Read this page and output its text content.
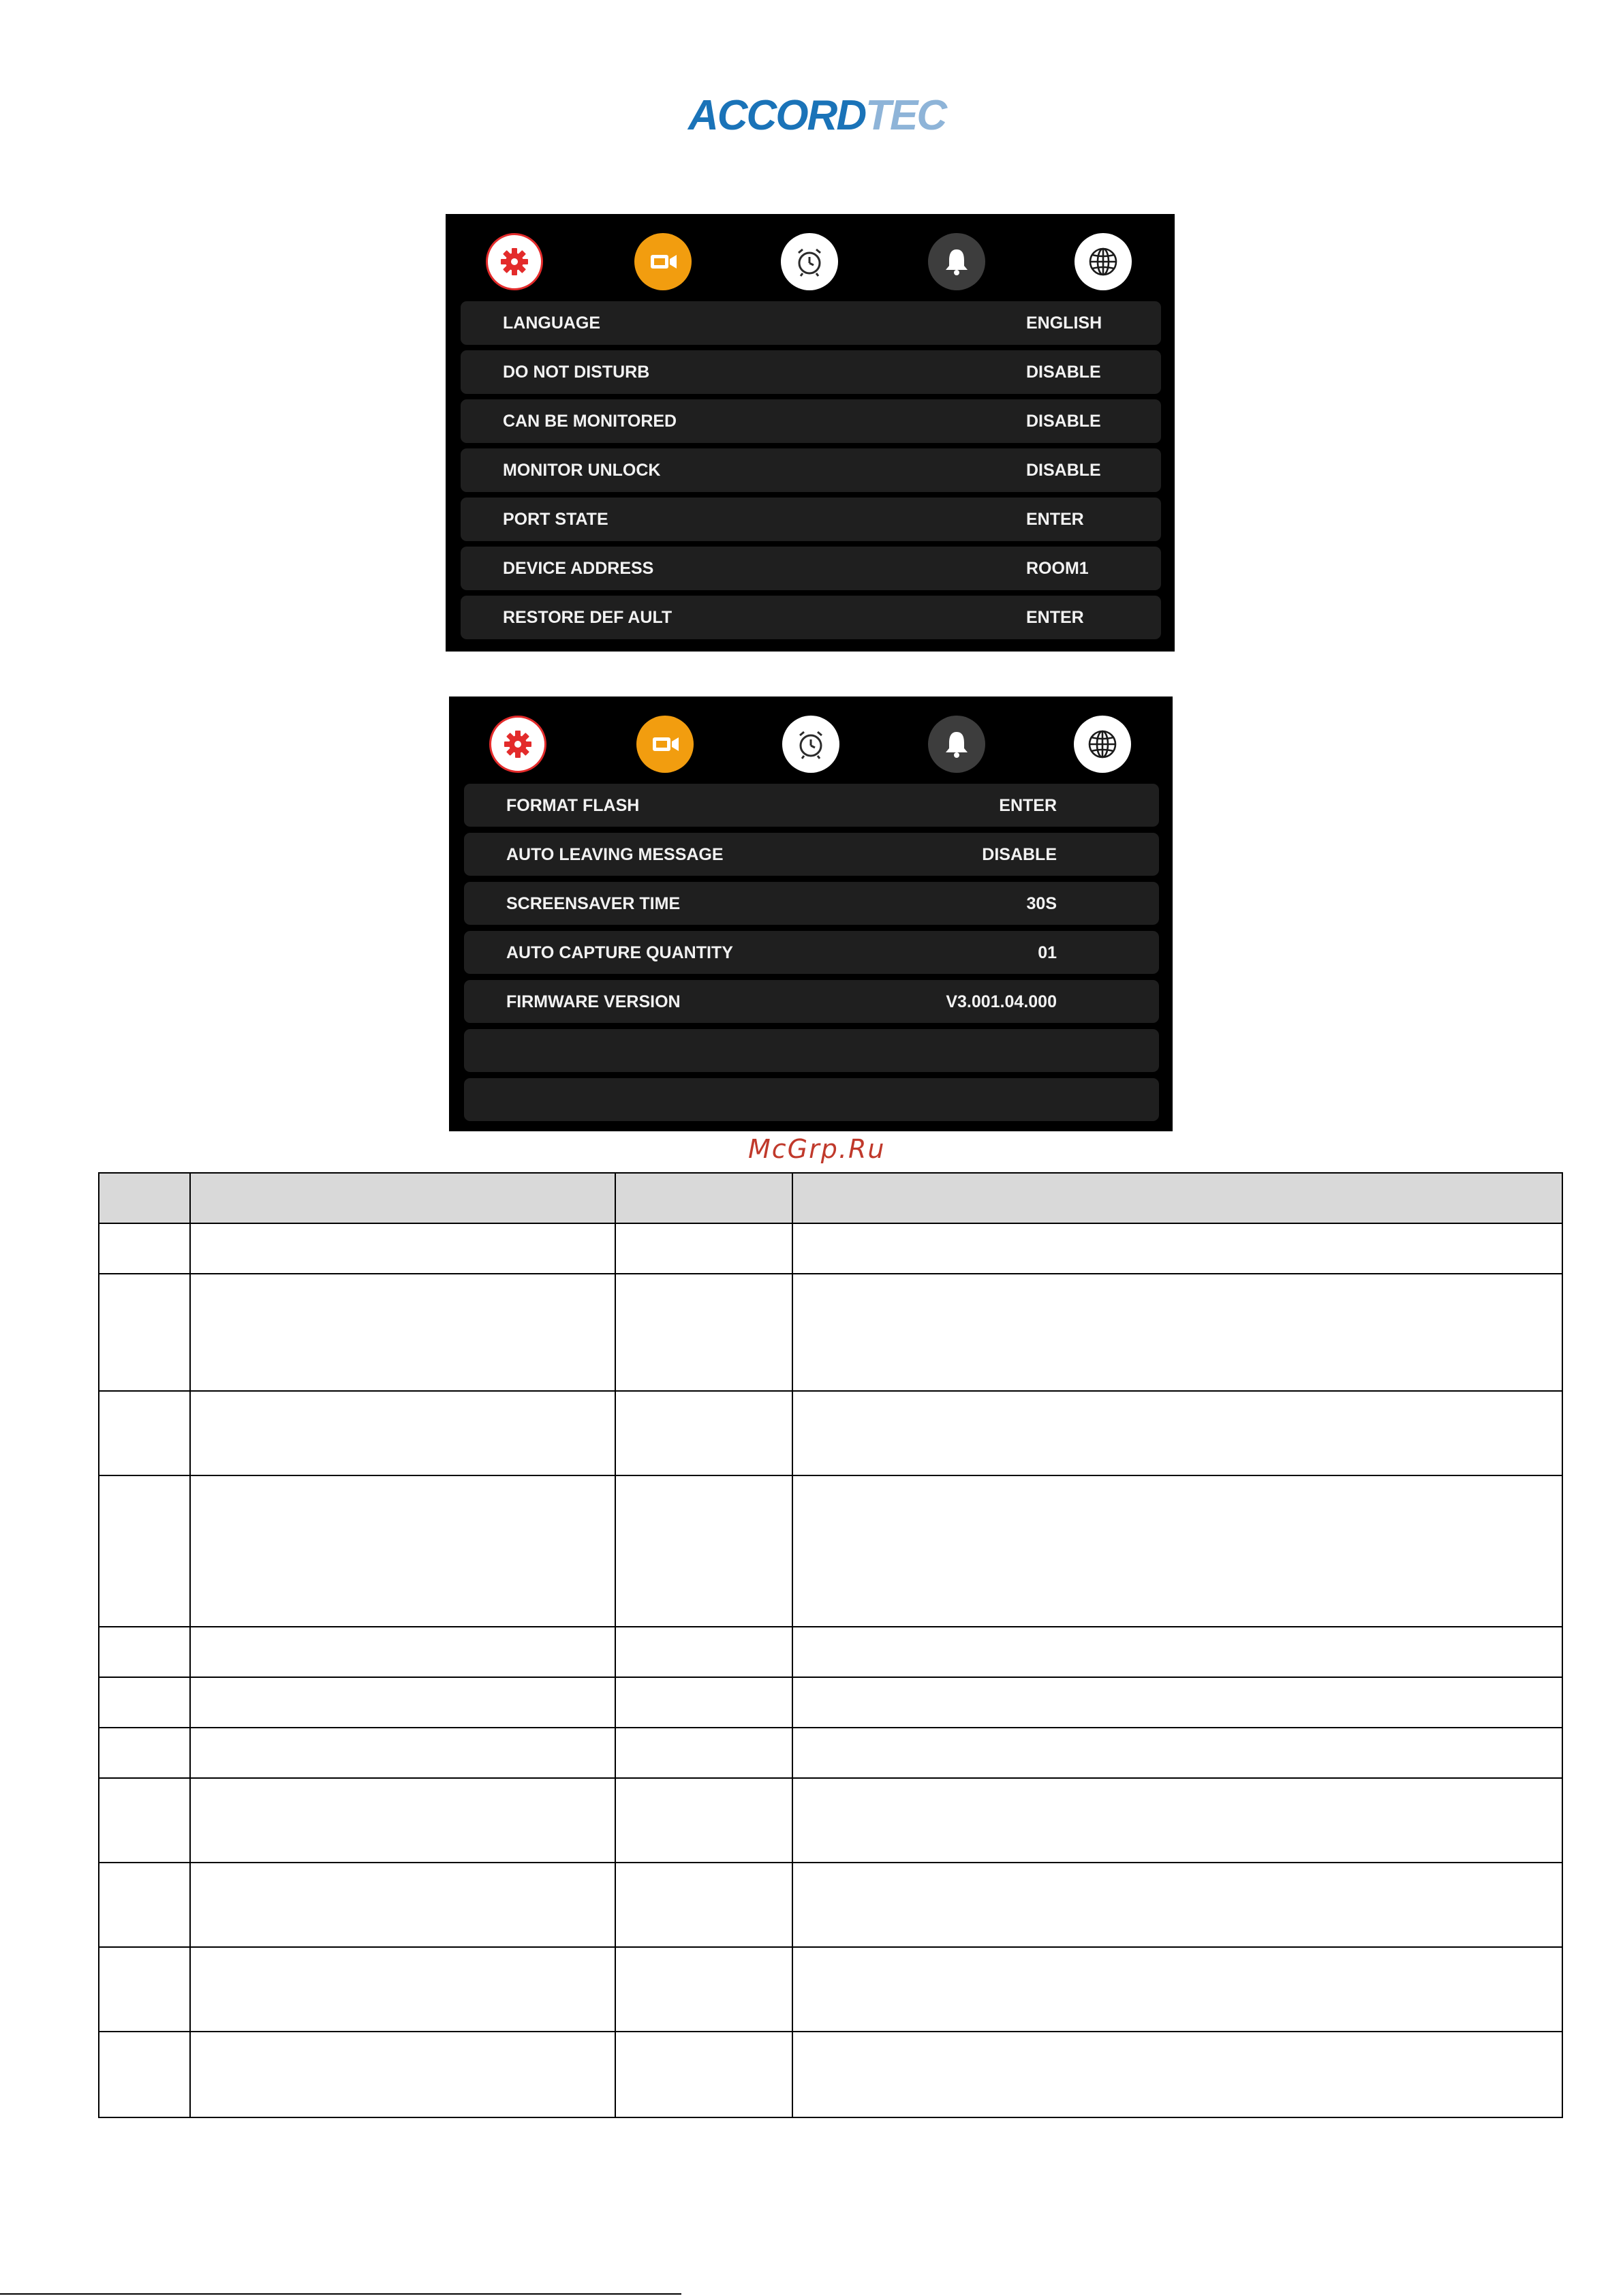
ACCORDTEC
LANGUAGE	ENGLISH
DO NOT DISTURB	DISABLE
CAN BE MONITORED	DISABLE
MONITOR UNLOCK	DISABLE
PORT STATE	ENTER
DEVICE ADDRESS	ROOM1
RESTORE DEF AULT	ENTER
FORMAT FLASH	ENTER
AUTO LEAVING MESSAGE	DISABLE
SCREENSAVER TIME	30S
AUTO CAPTURE QUANTITY	01
FIRMWARE VERSION	V3.001.04.000
McGrp.Ru
